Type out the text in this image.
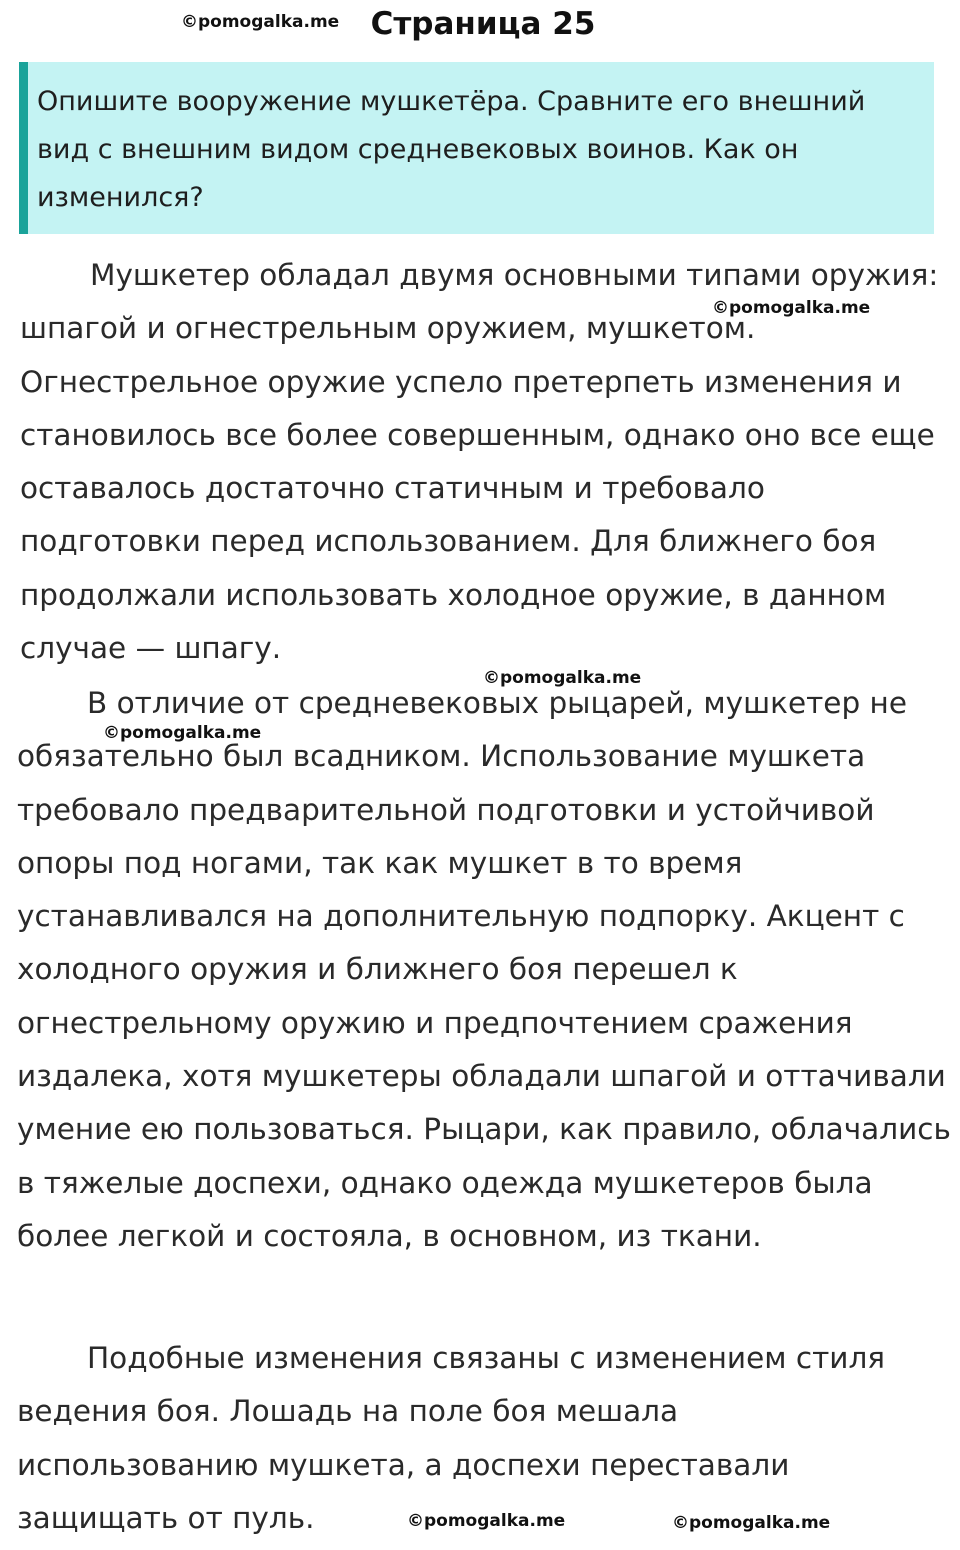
©pomogalka.me	Страница 25

Опишите вооружение мушкетёра. Сравните его внешний вид с внешним видом средневековых воинов. Как он изменился?

Мушкетер обладал двумя основными типами оружия: шпагой и огнестрельным оружием, мушкетом. Огнестрельное оружие успело претерпеть изменения и становилось все более совершенным, однако оно все еще оставалось достаточно статичным и требовало подготовки перед использованием. Для ближнего боя продолжали использовать холодное оружие, в данном случае — шпагу.

©pomogalka.me
©pomogalka.me

В отличие от средневековых рыцарей, мушкетер не обязательно был всадником. Использование мушкета требовало предварительной подготовки и устойчивой опоры под ногами, так как мушкет в то время устанавливался на дополнительную подпорку. Акцент с холодного оружия и ближнего боя перешел к огнестрельному оружию и предпочтением сражения издалека, хотя мушкетеры обладали шпагой и оттачивали умение ею пользоваться. Рыцари, как правило, облачались в тяжелые доспехи, однако одежда мушкетеров была более легкой и состояла, в основном, из ткани.

©pomogalka.me

Подобные изменения связаны с изменением стиля ведения боя. Лошадь на поле боя мешала использованию мушкета, а доспехи переставали защищать от пуль.	©pomogalka.me	©pomogalka.me
